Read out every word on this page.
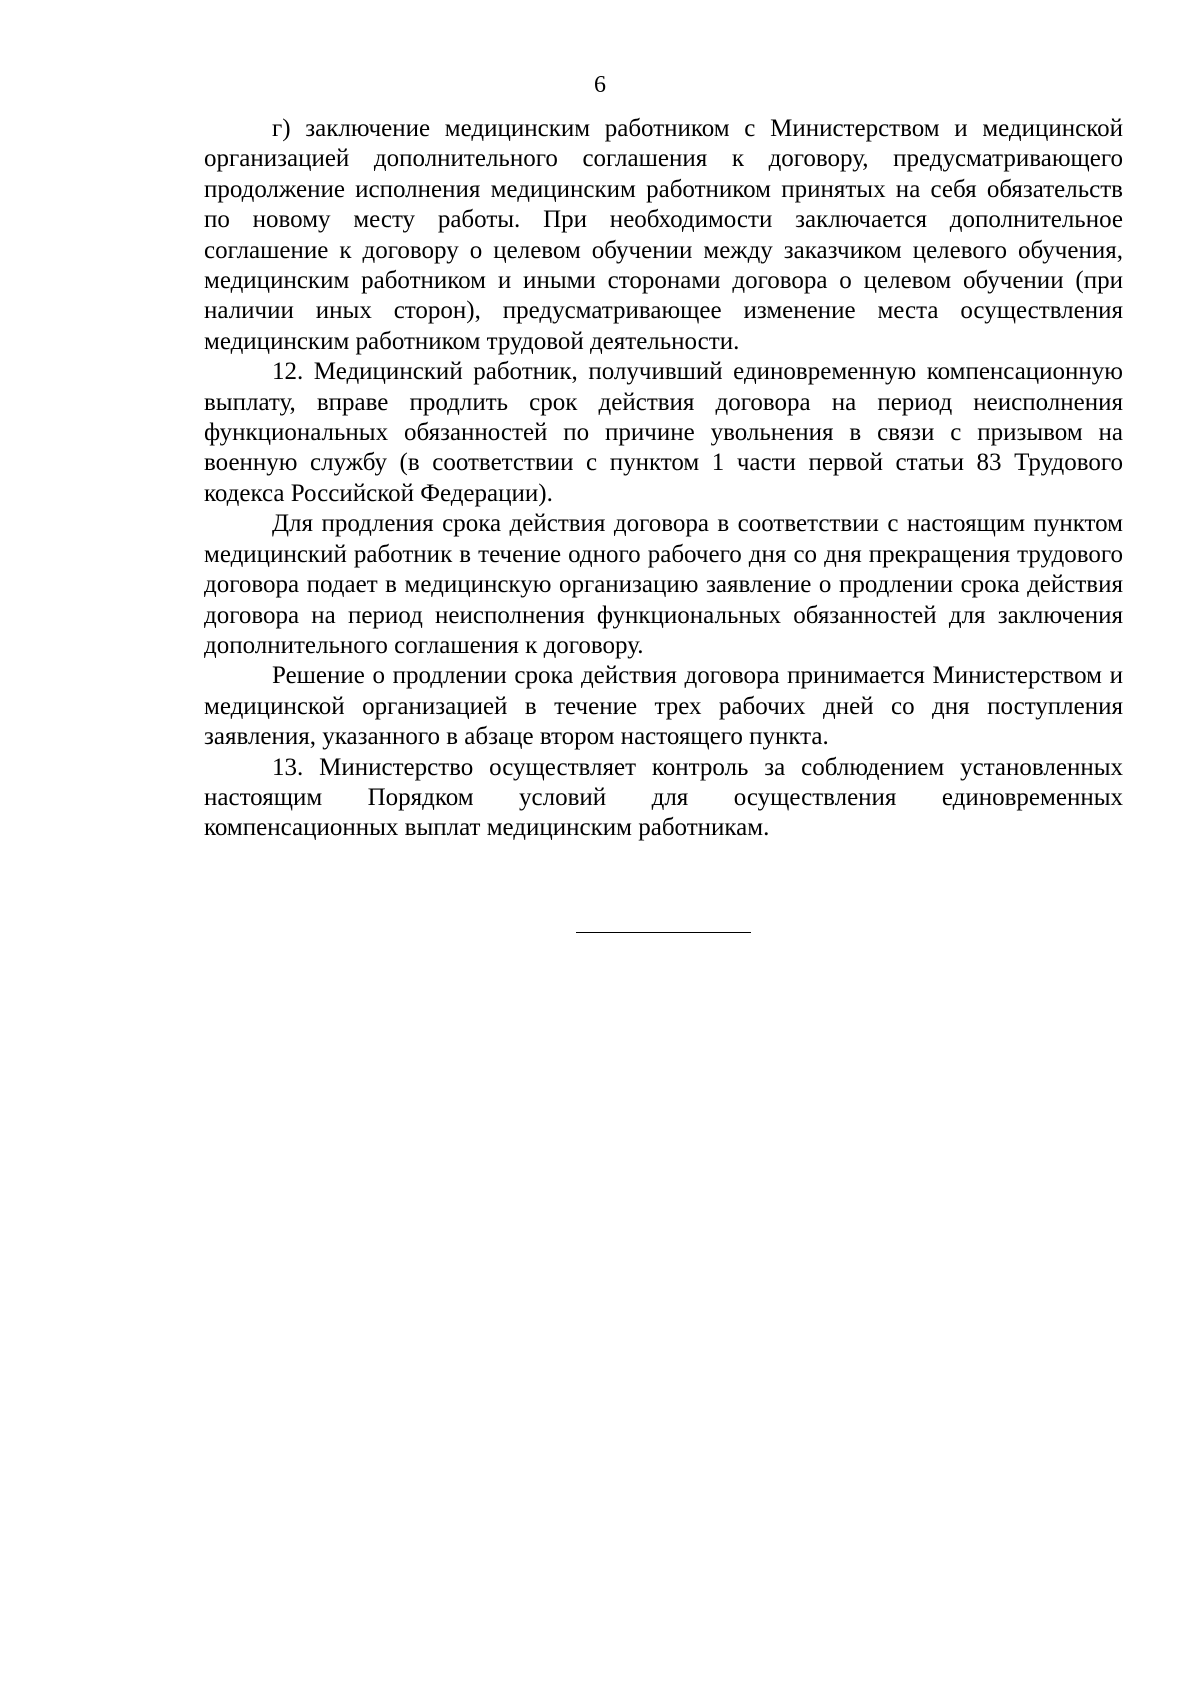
6

г) заключение медицинским работником с Министерством и медицинской организацией дополнительного соглашения к договору, предусматривающего продолжение исполнения медицинским работником принятых на себя обязательств по новому месту работы. При необходимости заключается дополнительное соглашение к договору о целевом обучении между заказчиком целевого обучения, медицинским работником и иными сторонами договора о целевом обучении (при наличии иных сторон), предусматривающее изменение места осуществления медицинским работником трудовой деятельности.

12. Медицинский работник, получивший единовременную компенсационную выплату, вправе продлить срок действия договора на период неисполнения функциональных обязанностей по причине увольнения в связи с призывом на военную службу (в соответствии с пунктом 1 части первой статьи 83 Трудового кодекса Российской Федерации).

Для продления срока действия договора в соответствии с настоящим пунктом медицинский работник в течение одного рабочего дня со дня прекращения трудового договора подает в медицинскую организацию заявление о продлении срока действия договора на период неисполнения функциональных обязанностей для заключения дополнительного соглашения к договору.

Решение о продлении срока действия договора принимается Министерством и медицинской организацией в течение трех рабочих дней со дня поступления заявления, указанного в абзаце втором настоящего пункта.

13. Министерство осуществляет контроль за соблюдением установленных настоящим Порядком условий для осуществления единовременных компенсационных выплат медицинским работникам.
